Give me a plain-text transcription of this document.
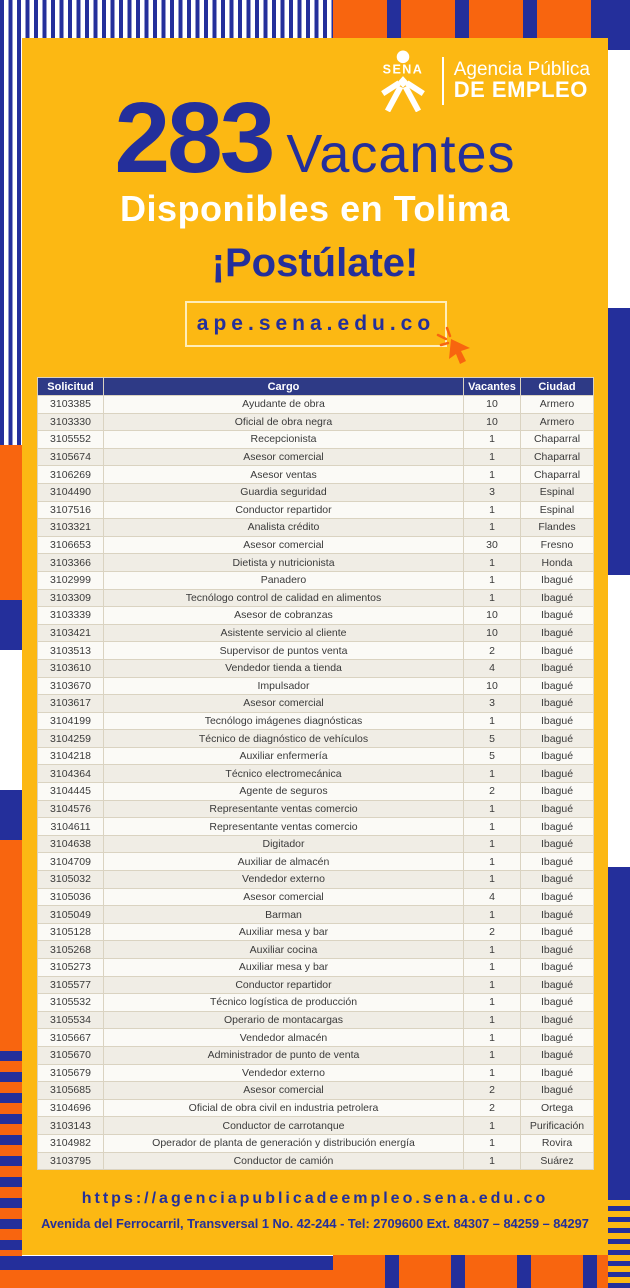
SENA Agencia Pública
DE EMPLEO
283 Vacantes
Disponibles en Tolima
¡Postúlate!
ape.sena.edu.co
Solicitud	Cargo	Vacantes	Ciudad
3103385	Ayudante de obra	10	Armero
3103330	Oficial de obra negra	10	Armero
3105552	Recepcionista	1	Chaparral
3105674	Asesor comercial	1	Chaparral
3106269	Asesor ventas	1	Chaparral
3104490	Guardia seguridad	3	Espinal
3107516	Conductor repartidor	1	Espinal
3103321	Analista crédito	1	Flandes
3106653	Asesor comercial	30	Fresno
3103366	Dietista y nutricionista	1	Honda
3102999	Panadero	1	Ibagué
3103309	Tecnólogo control de calidad en alimentos	1	Ibagué
3103339	Asesor de cobranzas	10	Ibagué
3103421	Asistente servicio al cliente	10	Ibagué
3103513	Supervisor de puntos venta	2	Ibagué
3103610	Vendedor tienda a tienda	4	Ibagué
3103670	Impulsador	10	Ibagué
3103617	Asesor comercial	3	Ibagué
3104199	Tecnólogo imágenes diagnósticas	1	Ibagué
3104259	Técnico de diagnóstico de vehículos	5	Ibagué
3104218	Auxiliar enfermería	5	Ibagué
3104364	Técnico electromecánica	1	Ibagué
3104445	Agente de seguros	2	Ibagué
3104576	Representante ventas comercio	1	Ibagué
3104611	Representante ventas comercio	1	Ibagué
3104638	Digitador	1	Ibagué
3104709	Auxiliar de almacén	1	Ibagué
3105032	Vendedor externo	1	Ibagué
3105036	Asesor comercial	4	Ibagué
3105049	Barman	1	Ibagué
3105128	Auxiliar mesa y bar	2	Ibagué
3105268	Auxiliar cocina	1	Ibagué
3105273	Auxiliar mesa y bar	1	Ibagué
3105577	Conductor repartidor	1	Ibagué
3105532	Técnico logística de producción	1	Ibagué
3105534	Operario de montacargas	1	Ibagué
3105667	Vendedor almacén	1	Ibagué
3105670	Administrador de punto de venta	1	Ibagué
3105679	Vendedor externo	1	Ibagué
3105685	Asesor comercial	2	Ibagué
3104696	Oficial de obra civil en industria petrolera	2	Ortega
3103143	Conductor de carrotanque	1	Purificación
3104982	Operador de planta de generación y distribución energía	1	Rovira
3103795	Conductor de camión	1	Suárez
https://agenciapublicadeempleo.sena.edu.co
Avenida del Ferrocarril, Transversal 1 No. 42-244 - Tel: 2709600 Ext. 84307 – 84259 – 84297
